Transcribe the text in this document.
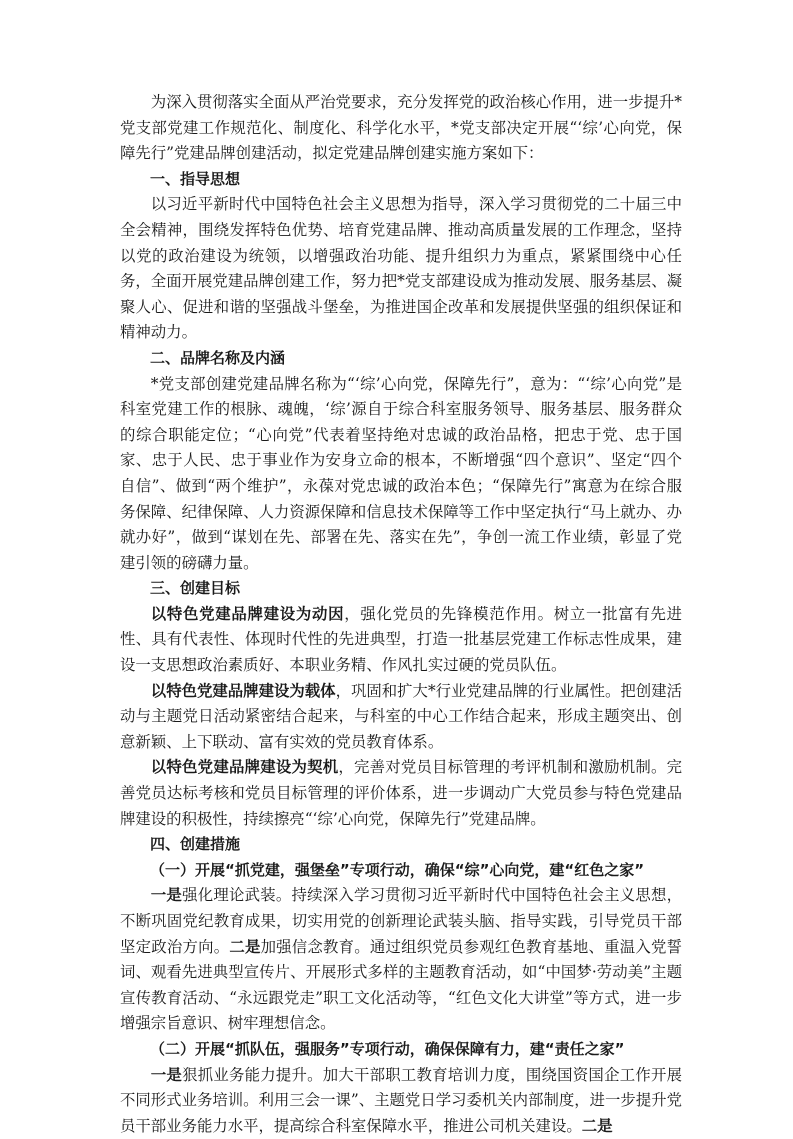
为深入贯彻落实全面从严治党要求，充分发挥党的政治核心作用，进一步提升*党支部党建工作规范化、制度化、科学化水平，*党支部决定开展“‘综’心向党，保障先行”党建品牌创建活动，拟定党建品牌创建实施方案如下：

一、指导思想

以习近平新时代中国特色社会主义思想为指导，深入学习贯彻党的二十届三中全会精神，围绕发挥特色优势、培育党建品牌、推动高质量发展的工作理念，坚持以党的政治建设为统领，以增强政治功能、提升组织力为重点，紧紧围绕中心任务，全面开展党建品牌创建工作，努力把*党支部建设成为推动发展、服务基层、凝聚人心、促进和谐的坚强战斗堡垒，为推进国企改革和发展提供坚强的组织保证和精神动力。

二、品牌名称及内涵

*党支部创建党建品牌名称为“‘综’心向党，保障先行”，意为：“‘综’心向党”是科室党建工作的根脉、魂魄，‘综’源自于综合科室服务领导、服务基层、服务群众的综合职能定位；“心向党”代表着坚持绝对忠诚的政治品格，把忠于党、忠于国家、忠于人民、忠于事业作为安身立命的根本，不断增强“四个意识”、坚定“四个自信”、做到“两个维护”，永葆对党忠诚的政治本色；“保障先行”寓意为在综合服务保障、纪律保障、人力资源保障和信息技术保障等工作中坚定执行“马上就办、办就办好”，做到“谋划在先、部署在先、落实在先”，争创一流工作业绩，彰显了党建引领的磅礴力量。

三、创建目标

以特色党建品牌建设为动因，强化党员的先锋模范作用。树立一批富有先进性、具有代表性、体现时代性的先进典型，打造一批基层党建工作标志性成果，建设一支思想政治素质好、本职业务精、作风扎实过硬的党员队伍。

以特色党建品牌建设为载体，巩固和扩大*行业党建品牌的行业属性。把创建活动与主题党日活动紧密结合起来，与科室的中心工作结合起来，形成主题突出、创意新颖、上下联动、富有实效的党员教育体系。

以特色党建品牌建设为契机，完善对党员目标管理的考评机制和激励机制。完善党员达标考核和党员目标管理的评价体系，进一步调动广大党员参与特色党建品牌建设的积极性，持续擦亮“‘综’心向党，保障先行”党建品牌。

四、创建措施

（一）开展“抓党建，强堡垒”专项行动，确保“综”心向党，建“红色之家”

一是强化理论武装。持续深入学习贯彻习近平新时代中国特色社会主义思想，不断巩固党纪教育成果，切实用党的创新理论武装头脑、指导实践，引导党员干部坚定政治方向。二是加强信念教育。通过组织党员参观红色教育基地、重温入党誓词、观看先进典型宣传片、开展形式多样的主题教育活动，如“中国梦·劳动美”主题宣传教育活动、“永远跟党走”职工文化活动等，“红色文化大讲堂”等方式，进一步增强宗旨意识、树牢理想信念。

（二）开展“抓队伍，强服务”专项行动，确保保障有力，建“责任之家”

一是狠抓业务能力提升。加大干部职工教育培训力度，围绕国资国企工作开展不同形式业务培训。利用三会一课”、主题党日学习委机关内部制度，进一步提升党员干部业务能力水平，提高综合科室保障水平，推进公司机关建设。二是
